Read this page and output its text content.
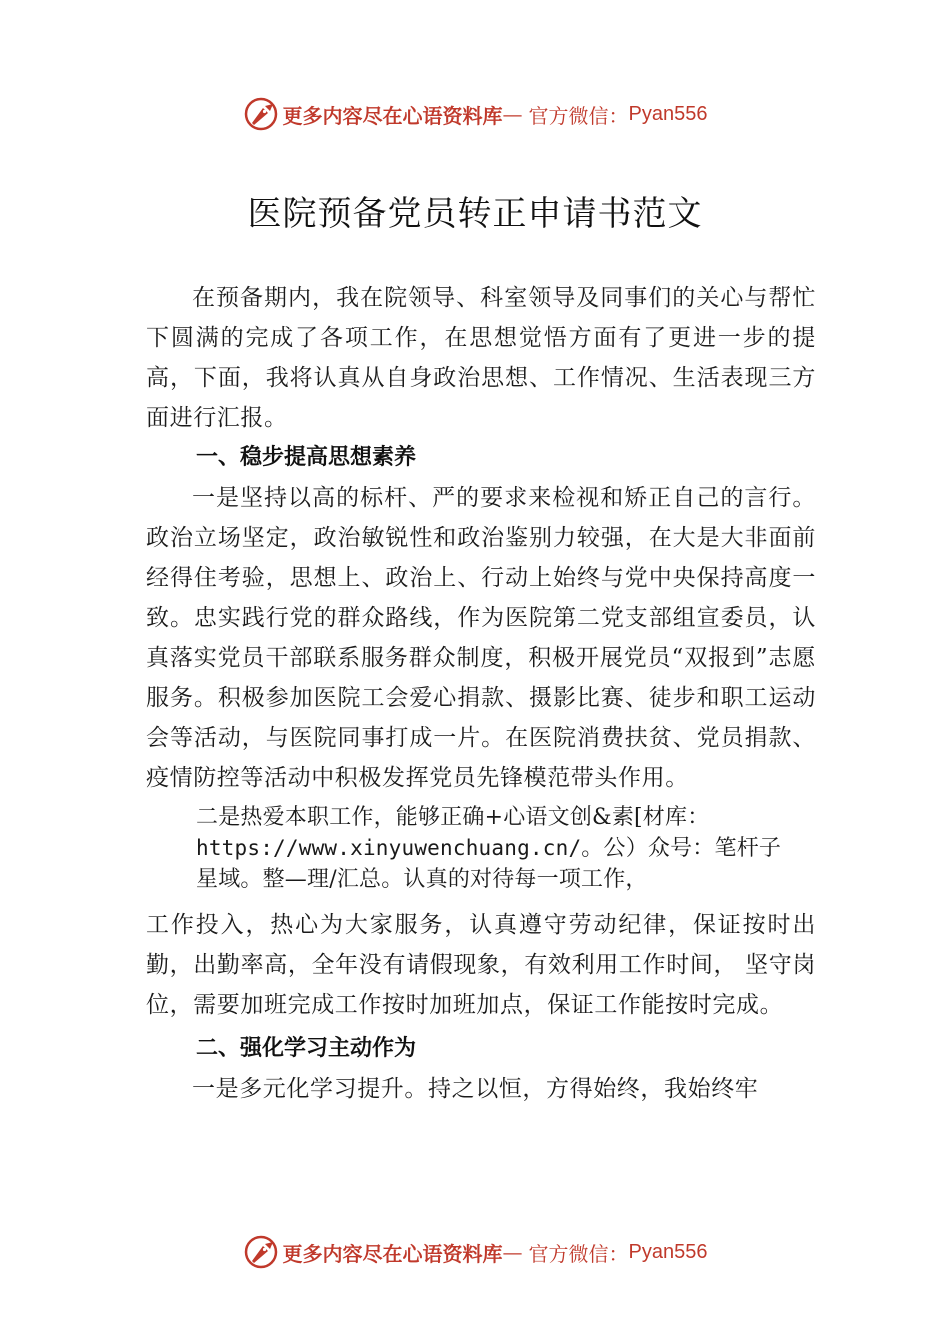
更多内容尽在心语资料库 — 官方微信： Pyan556
医院预备党员转正申请书范文

在预备期内，我在院领导、科室领导及同事们的关心与帮忙下圆满的完成了各项工作，在思想觉悟方面有了更进一步的提高，下面，我将认真从自身政治思想、工作情况、生活表现三方面进行汇报。

一、稳步提高思想素养

一是坚持以高的标杆、严的要求来检视和矫正自己的言行。政治立场坚定，政治敏锐性和政治鉴别力较强，在大是大非面前经得住考验，思想上、政治上、行动上始终与党中央保持高度一致。忠实践行党的群众路线，作为医院第二党支部组宣委员，认真落实党员干部联系服务群众制度，积极开展党员“双报到”志愿服务。积极参加医院工会爱心捐款、摄影比赛、徒步和职工运动会等活动，与医院同事打成一片。在医院消费扶贫、党员捐款、疫情防控等活动中积极发挥党员先锋模范带头作用。

二是热爱本职工作，能够正确+心语文创&素[材库：
https://www.xinyuwenchuang.cn/。公）众号：笔杆子
星域。整—理/汇总。认真的对待每一项工作，

工作投入，热心为大家服务，认真遵守劳动纪律，保证按时出勤，出勤率高，全年没有请假现象，有效利用工作时间， 坚守岗位，需要加班完成工作按时加班加点，保证工作能按时完成。

二、强化学习主动作为

一是多元化学习提升。持之以恒，方得始终，我始终牢

更多内容尽在心语资料库 — 官方微信： Pyan556
